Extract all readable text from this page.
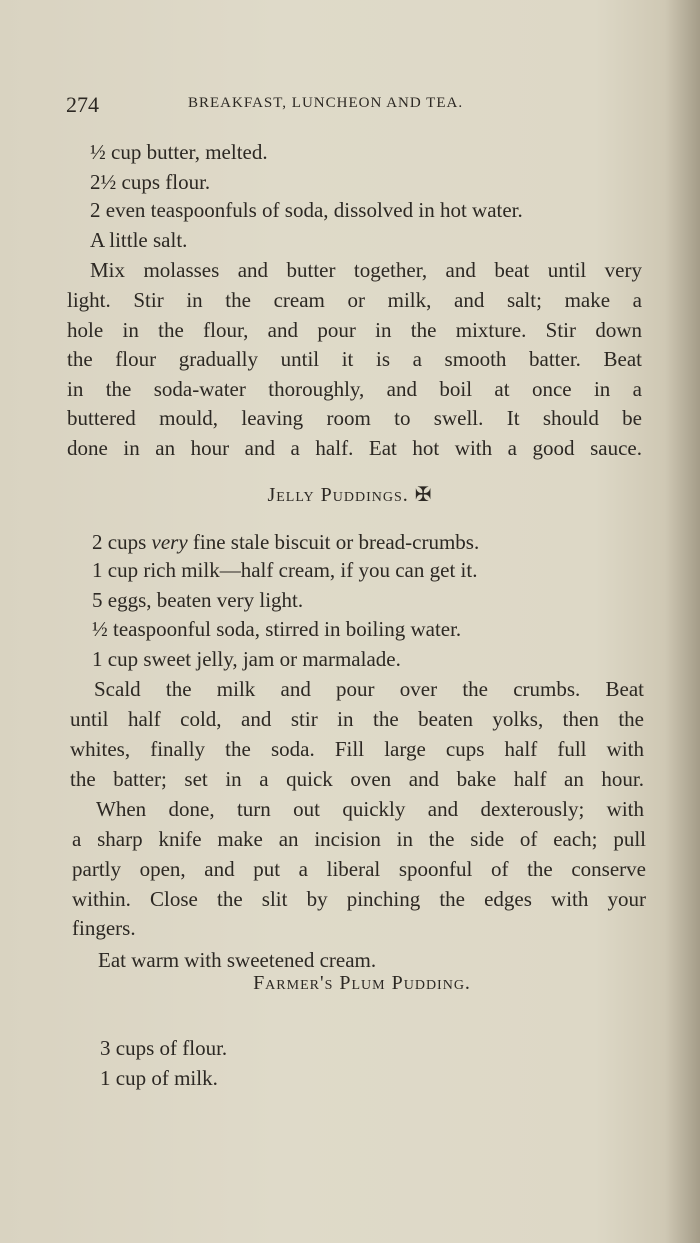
274	BREAKFAST, LUNCHEON AND TEA.
½ cup butter, melted.
2½ cups flour.
2 even teaspoonfuls of soda, dissolved in hot water.
A little salt.
Mix molasses and butter together, and beat until very
light. Stir in the cream or milk, and salt; make a
hole in the flour, and pour in the mixture. Stir down
the flour gradually until it is a smooth batter. Beat
in the soda-water thoroughly, and boil at once in a
buttered mould, leaving room to swell. It should be
done in an hour and a half. Eat hot with a good sauce.
Jelly Puddings. ✠
2 cups very fine stale biscuit or bread-crumbs.
1 cup rich milk—half cream, if you can get it.
5 eggs, beaten very light.
½ teaspoonful soda, stirred in boiling water.
1 cup sweet jelly, jam or marmalade.
Scald the milk and pour over the crumbs. Beat
until half cold, and stir in the beaten yolks, then the
whites, finally the soda. Fill large cups half full with
the batter; set in a quick oven and bake half an hour.
When done, turn out quickly and dexterously; with
a sharp knife make an incision in the side of each; pull
partly open, and put a liberal spoonful of the conserve
within. Close the slit by pinching the edges with your
fingers.
Eat warm with sweetened cream.
Farmer's Plum Pudding.
3 cups of flour.
1 cup of milk.
